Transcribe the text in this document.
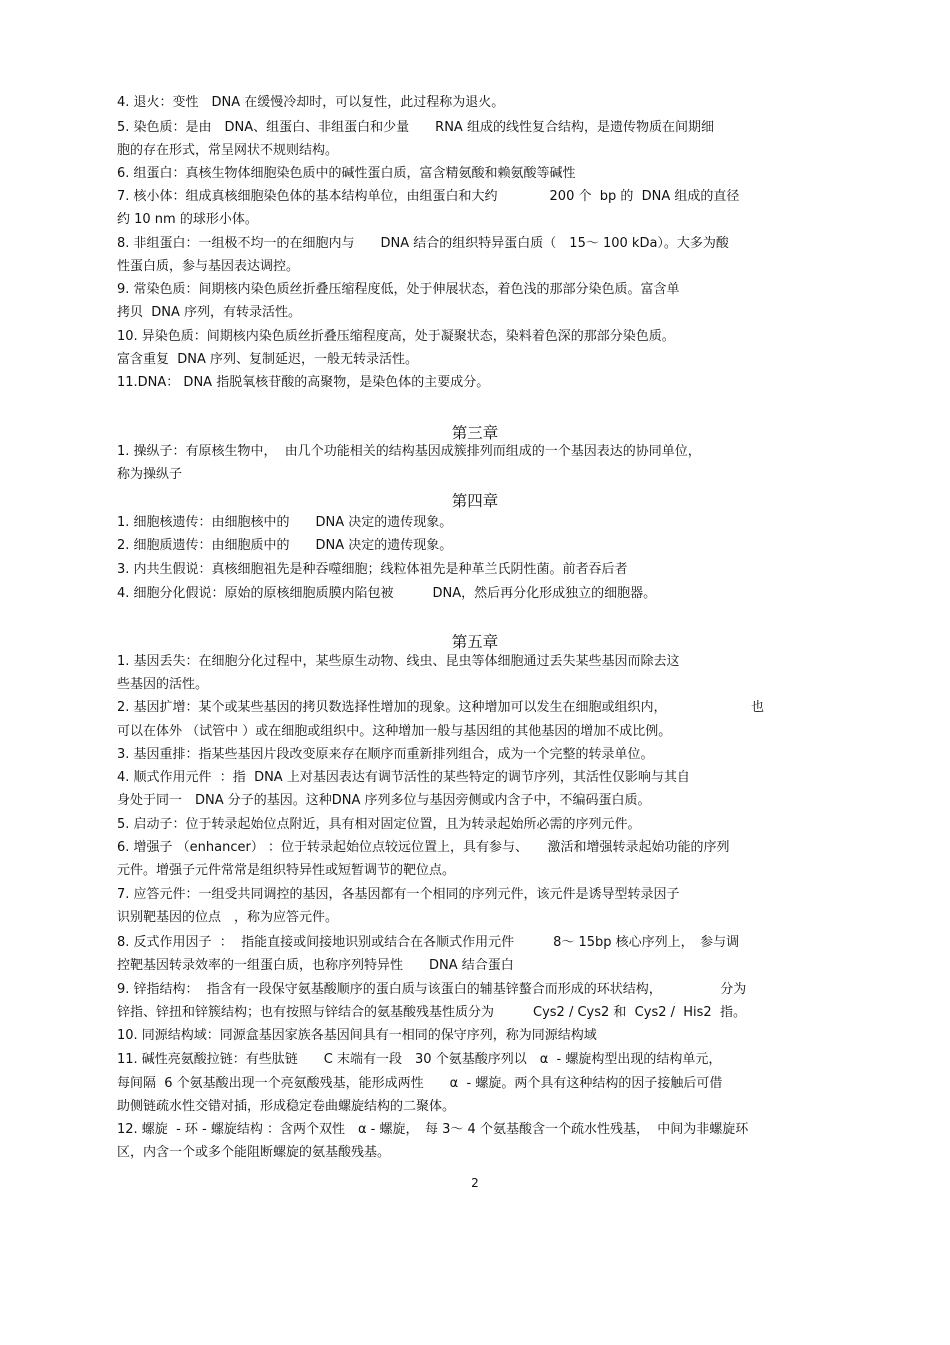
4. 退火：变性　DNA 在缓慢冷却时，可以复性，此过程称为退火。
5. 染色质：是由　DNA、组蛋白、非组蛋白和少量　　RNA 组成的线性复合结构，是遗传物质在间期细
胞的存在形式，常呈网状不规则结构。
6. 组蛋白：真核生物体细胞染色质中的碱性蛋白质，富含精氨酸和赖氨酸等碱性
7. 核小体：组成真核细胞染色体的基本结构单位，由组蛋白和大约　　　　200 个  bp 的  DNA 组成的直径
约 10 nm 的球形小体。
8. 非组蛋白：一组极不均一的在细胞内与　　DNA 结合的组织特异蛋白质（　15～ 100 kDa）。大多为酸
性蛋白质，参与基因表达调控。
9. 常染色质：间期核内染色质丝折叠压缩程度低，处于伸展状态，着色浅的那部分染色质。富含单
拷贝  DNA 序列，有转录活性。
10. 异染色质：间期核内染色质丝折叠压缩程度高，处于凝聚状态，染料着色深的那部分染色质。
富含重复  DNA 序列、复制延迟，一般无转录活性。
11.DNA： DNA 指脱氧核苷酸的高聚物，是染色体的主要成分。
第三章
1. 操纵子：有原核生物中，  由几个功能相关的结构基因成簇排列而组成的一个基因表达的协同单位，
称为操纵子
第四章
1. 细胞核遗传：由细胞核中的　　DNA 决定的遗传现象。
2. 细胞质遗传：由细胞质中的　　DNA 决定的遗传现象。
3. 内共生假说：真核细胞祖先是种吞噬细胞；线粒体祖先是种革兰氏阴性菌。前者吞后者
4. 细胞分化假说：原始的原核细胞质膜内陷包被　　　DNA，然后再分化形成独立的细胞器。
第五章
1. 基因丢失：在细胞分化过程中，某些原生动物、线虫、昆虫等体细胞通过丢失某些基因而除去这
些基因的活性。
2. 基因扩增：某个或某些基因的拷贝数选择性增加的现象。这种增加可以发生在细胞或组织内，　　　　　　　也
可以在体外 （试管中 ）或在细胞或组织中。这种增加一般与基因组的其他基因的增加不成比例。
3. 基因重排：指某些基因片段改变原来存在顺序而重新排列组合，成为一个完整的转录单位。
4. 顺式作用元件  ：指  DNA 上对基因表达有调节活性的某些特定的调节序列，其活性仅影响与其自
身处于同一　DNA 分子的基因。这种DNA 序列多位与基因旁侧或内含子中，不编码蛋白质。
5. 启动子：位于转录起始位点附近，具有相对固定位置，且为转录起始所必需的序列元件。
6. 增强子 （enhancer） ：位于转录起始位点较远位置上，具有参与、　　激活和增强转录起始功能的序列
元件。增强子元件常常是组织特异性或短暂调节的靶位点。
7. 应答元件：一组受共同调控的基因，各基因都有一个相同的序列元件，该元件是诱导型转录因子
识别靶基因的位点　，称为应答元件。
8. 反式作用因子  ：  指能直接或间接地识别或结合在各顺式作用元件　　　8～ 15bp 核心序列上，　参与调
控靶基因转录效率的一组蛋白质，也称序列特异性　　DNA 结合蛋白
9. 锌指结构：  指含有一段保守氨基酸顺序的蛋白质与该蛋白的辅基锌螯合而形成的环状结构，　　　　　分为
锌指、锌扭和锌簇结构；也有按照与锌结合的氨基酸残基性质分为　　　Cys2 / Cys2 和  Cys2 /  His2  指。
10. 同源结构域：同源盒基因家族各基因间具有一相同的保守序列，称为同源结构域
11. 碱性亮氨酸拉链：有些肽链　　C 末端有一段　30 个氨基酸序列以　α  - 螺旋构型出现的结构单元，
每间隔  6 个氨基酸出现一个亮氨酸残基，能形成两性　　α  - 螺旋。两个具有这种结构的因子接触后可借
助侧链疏水性交错对插，形成稳定卷曲螺旋结构的二聚体。
12. 螺旋  - 环 - 螺旋结构 ：含两个双性　α - 螺旋，　每 3～ 4 个氨基酸含一个疏水性残基，  中间为非螺旋环
区，内含一个或多个能阻断螺旋的氨基酸残基。
2
